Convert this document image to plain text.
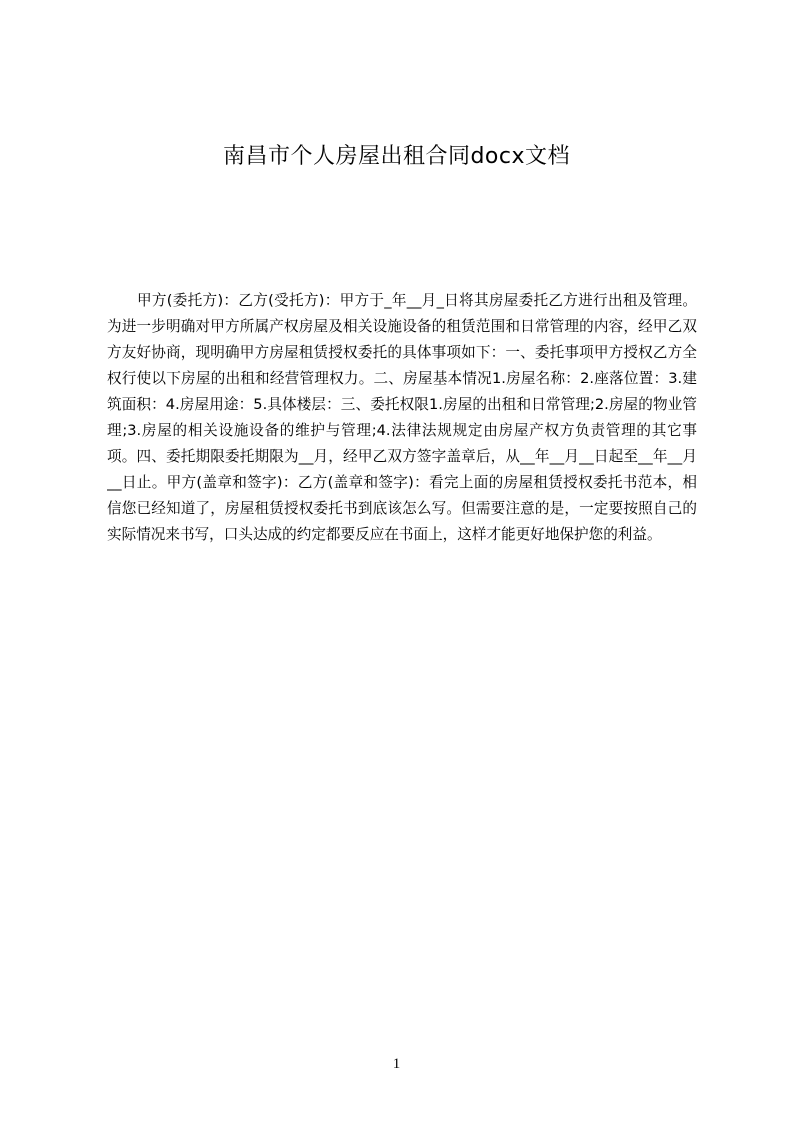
南昌市个人房屋出租合同docx文档

甲方(委托方)：乙方(受托方)：甲方于_年__月_日将其房屋委托乙方进行出租及管理。为进一步明确对甲方所属产权房屋及相关设施设备的租赁范围和日常管理的内容，经甲乙双方友好协商，现明确甲方房屋租赁授权委托的具体事项如下：一、委托事项甲方授权乙方全权行使以下房屋的出租和经营管理权力。二、房屋基本情况1.房屋名称：2.座落位置：3.建筑面积：4.房屋用途：5.具体楼层：三、委托权限1.房屋的出租和日常管理;2.房屋的物业管理;3.房屋的相关设施设备的维护与管理;4.法律法规规定由房屋产权方负责管理的其它事项。四、委托期限委托期限为__月，经甲乙双方签字盖章后，从__年__月__日起至__年__月__日止。甲方(盖章和签字)：乙方(盖章和签字)：看完上面的房屋租赁授权委托书范本，相信您已经知道了，房屋租赁授权委托书到底该怎么写。但需要注意的是，一定要按照自己的实际情况来书写，口头达成的约定都要反应在书面上，这样才能更好地保护您的利益。

1
